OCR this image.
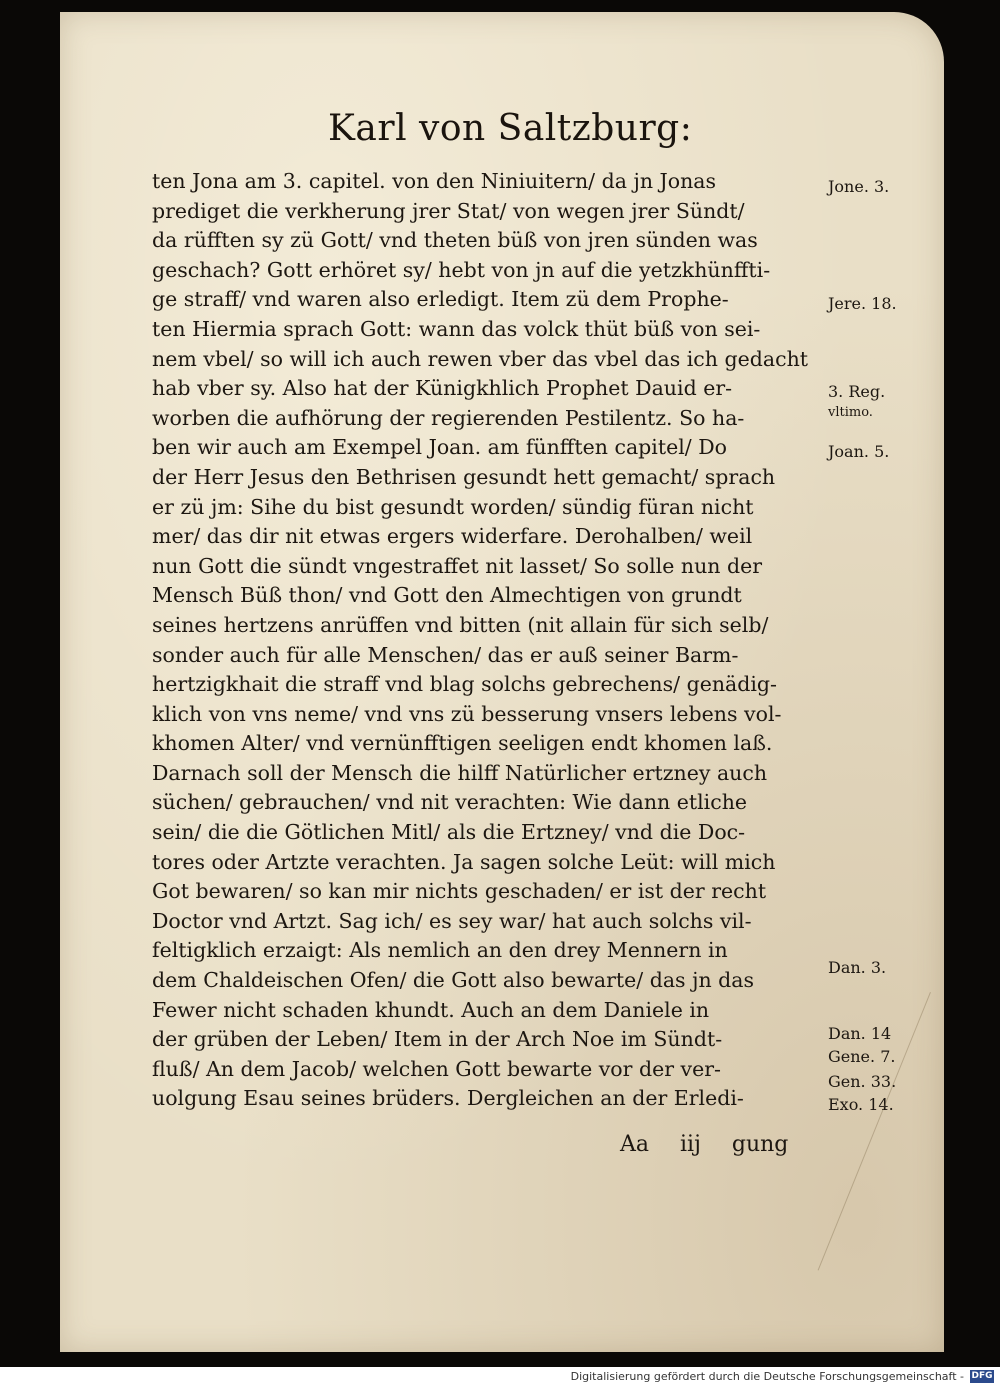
Karl von Saltzburg:
ten Jona am 3. capitel. von den Niniuitern/ da jn Jonas
prediget die verkherung jrer Stat/ von wegen jrer Sündt/
da rüfften sy zü Gott/ vnd theten büß von jren sünden was
geschach? Gott erhöret sy/ hebt von jn auf die yetzkhünffti-
ge straff/ vnd waren also erledigt. Item zü dem Prophe-
ten Hiermia sprach Gott: wann das volck thüt büß von sei-
nem vbel/ so will ich auch rewen vber das vbel das ich gedacht
hab vber sy. Also hat der Künigkhlich Prophet Dauid er-
worben die aufhörung der regierenden Pestilentz. So ha-
ben wir auch am Exempel Joan. am fünfften capitel/ Do
der Herr Jesus den Bethrisen gesundt hett gemacht/ sprach
er zü jm: Sihe du bist gesundt worden/ sündig füran nicht
mer/ das dir nit etwas ergers widerfare. Derohalben/ weil
nun Gott die sündt vngestraffet nit lasset/ So solle nun der
Mensch Büß thon/ vnd Gott den Almechtigen von grundt
seines hertzens anrüffen vnd bitten (nit allain für sich selb/
sonder auch für alle Menschen/ das er auß seiner Barm-
hertzigkhait die straff vnd blag solchs gebrechens/ genädig-
klich von vns neme/ vnd vns zü besserung vnsers lebens vol-
khomen Alter/ vnd vernünfftigen seeligen endt khomen laß.
Darnach soll der Mensch die hilff Natürlicher ertzney auch
süchen/ gebrauchen/ vnd nit verachten: Wie dann etliche
sein/ die die Götlichen Mitl/ als die Ertzney/ vnd die Doc-
tores oder Artzte verachten. Ja sagen solche Leüt: will mich
Got bewaren/ so kan mir nichts geschaden/ er ist der recht
Doctor vnd Artzt. Sag ich/ es sey war/ hat auch solchs vil-
feltigklich erzaigt: Als nemlich an den drey Mennern in
dem Chaldeischen Ofen/ die Gott also bewarte/ das jn das
Fewer nicht schaden khundt. Auch an dem Daniele in
der grüben der Leben/ Item in der Arch Noe im Sündt-
fluß/ An dem Jacob/ welchen Gott bewarte vor der ver-
uolgung Esau seines brüders. Dergleichen an der Erledi-
Jone. 3.
Jere. 18.
3. Reg.
vltimo.
Joan. 5.
Dan. 3.
Dan. 14
Gene. 7.
Gen. 33.
Exo. 14.
Aa iij gung
Digitalisierung gefördert durch die Deutsche Forschungsgemeinschaft - DFG
